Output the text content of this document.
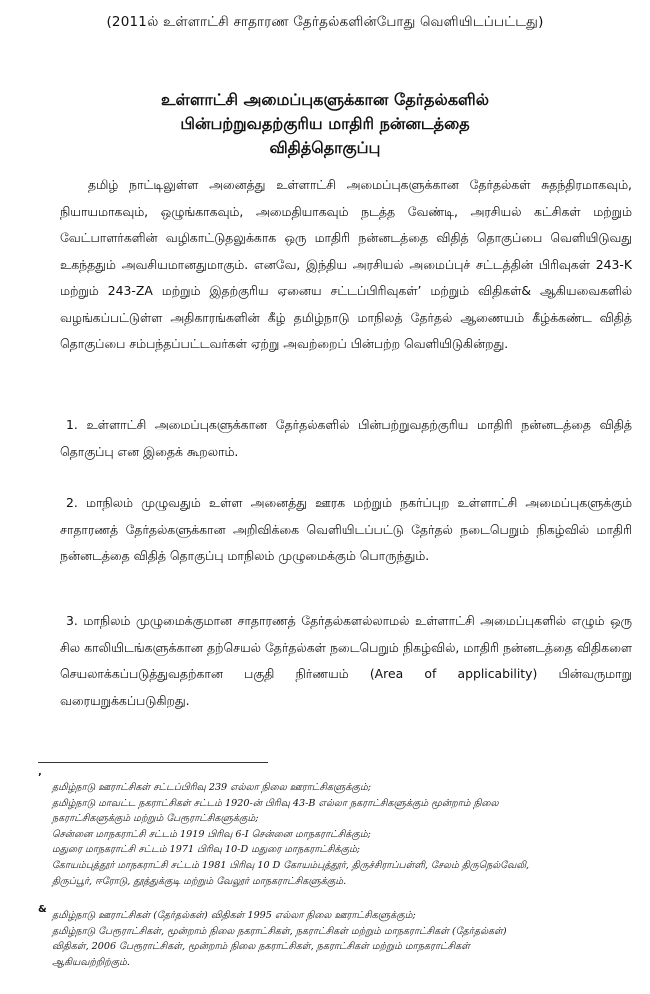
(2011ல் உள்ளாட்சி சாதாரண தேர்தல்களின்போது வெளியிடப்பட்டது)
உள்ளாட்சி அமைப்புகளுக்கான தேர்தல்களில்
பின்பற்றுவதற்குரிய மாதிரி நன்னடத்தை
விதித்தொகுப்பு
தமிழ் நாட்டிலுள்ள அனைத்து உள்ளாட்சி அமைப்புகளுக்கான தேர்தல்கள் சுதந்திரமாகவும், நியாயமாகவும், ஒழுங்காகவும், அமைதியாகவும் நடத்த வேண்டி, அரசியல் கட்சிகள் மற்றும் வேட்பாளர்களின் வழிகாட்டுதலுக்காக ஒரு மாதிரி நன்னடத்தை விதித் தொகுப்பை வெளியிடுவது உகந்ததும் அவசியமானதுமாகும். எனவே, இந்திய அரசியல் அமைப்புச் சட்டத்தின் பிரிவுகள் 243-K மற்றும் 243-ZA மற்றும் இதற்குரிய ஏனைய சட்டப்பிரிவுகள்’ மற்றும் விதிகள்& ஆகியவைகளில் வழங்கப்பட்டுள்ள அதிகாரங்களின் கீழ் தமிழ்நாடு மாநிலத் தேர்தல் ஆணையம் கீழ்க்கண்ட விதித் தொகுப்பை சம்பந்தப்பட்டவர்கள் ஏற்று அவற்றைப் பின்பற்ற வெளியிடுகின்றது.
1. உள்ளாட்சி அமைப்புகளுக்கான தேர்தல்களில் பின்பற்றுவதற்குரிய மாதிரி நன்னடத்தை விதித் தொகுப்பு என இதைக் கூறலாம்.
2. மாநிலம் முழுவதும் உள்ள அனைத்து ஊரக மற்றும் நகர்ப்புற உள்ளாட்சி அமைப்புகளுக்கும் சாதாரணத் தேர்தல்களுக்கான அறிவிக்கை வெளியிடப்பட்டு தேர்தல் நடைபெறும் நிகழ்வில் மாதிரி நன்னடத்தை விதித் தொகுப்பு மாநிலம் முழுமைக்கும் பொருந்தும்.
3. மாநிலம் முழுமைக்குமான சாதாரணத் தேர்தல்களல்லாமல் உள்ளாட்சி அமைப்புகளில் எழும் ஒரு சில காலியிடங்களுக்கான தற்செயல் தேர்தல்கள் நடைபெறும் நிகழ்வில், மாதிரி நன்னடத்தை விதிகளை செயலாக்கப்படுத்துவதற்கான பகுதி நிர்ணயம் (Area of applicability) பின்வருமாறு வரையறுக்கப்படுகிறது.
’
தமிழ்நாடு ஊராட்சிகள் சட்டப்பிரிவு 239 எல்லா நிலை ஊராட்சிகளுக்கும்;
தமிழ்நாடு மாவட்ட நகராட்சிகள் சட்டம் 1920-ன் பிரிவு 43-B எல்லா நகராட்சிகளுக்கும் மூன்றாம் நிலை
நகராட்சிகளுக்கும் மற்றும் பேரூராட்சிகளுக்கும்;
சென்னை மாநகராட்சி சட்டம் 1919 பிரிவு 6-I சென்னை மாநகராட்சிக்கும்;
மதுரை மாநகராட்சி சட்டம் 1971 பிரிவு 10-D மதுரை மாநகராட்சிக்கும்;
கோயம்புத்தூர் மாநகராட்சி சட்டம் 1981 பிரிவு 10 D கோயம்புத்தூர், திருச்சிராப்பள்ளி, சேலம் திருநெல்வேலி,
திருப்பூர், ஈரோடு, தூத்துக்குடி மற்றும் வேலூர் மாநகராட்சிகளுக்கும்.
&
தமிழ்நாடு ஊராட்சிகள் (தேர்தல்கள்) விதிகள் 1995 எல்லா நிலை ஊராட்சிகளுக்கும்;
தமிழ்நாடு பேரூராட்சிகள், மூன்றாம் நிலை நகராட்சிகள், நகராட்சிகள் மற்றும் மாநகராட்சிகள் (தேர்தல்கள்)
விதிகள், 2006 பேரூராட்சிகள், மூன்றாம் நிலை நகராட்சிகள், நகராட்சிகள் மற்றும் மாநகராட்சிகள்
ஆகியவற்றிற்கும்.
